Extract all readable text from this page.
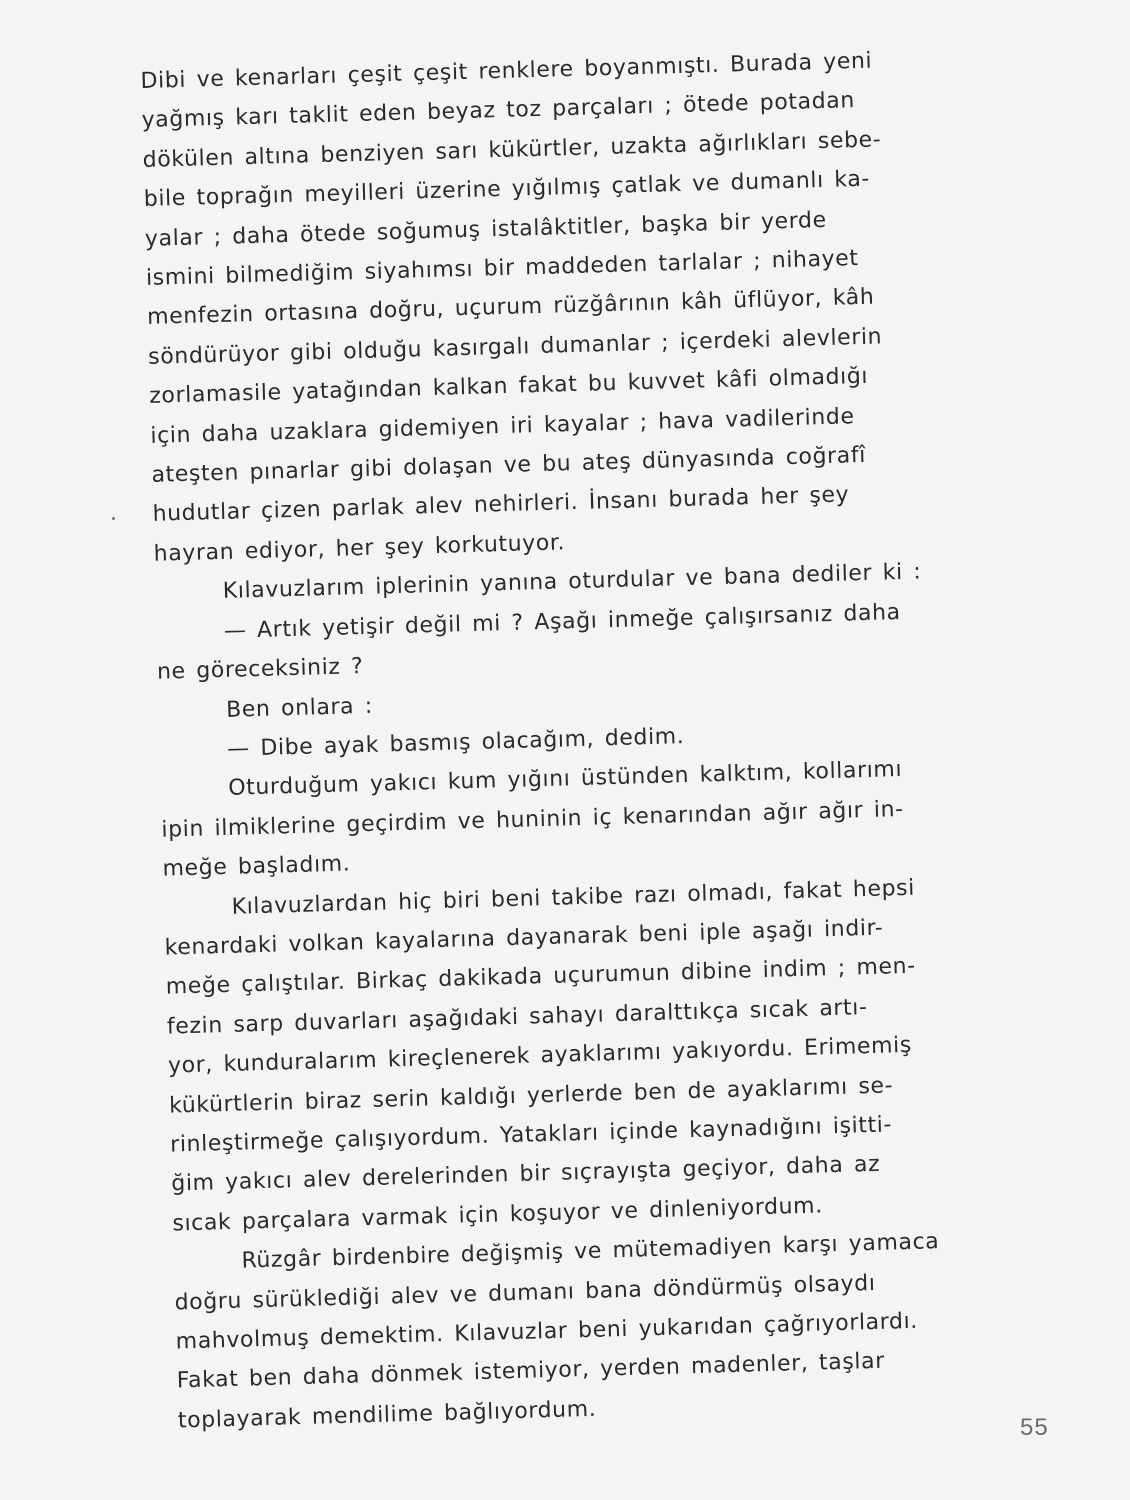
Dibi ve kenarları çeşit çeşit renklere boyanmıştı. Burada yeni
yağmış karı taklit eden beyaz toz parçaları ; ötede potadan
dökülen altına benziyen sarı kükürtler, uzakta ağırlıkları sebe-
bile toprağın meyilleri üzerine yığılmış çatlak ve dumanlı ka-
yalar ; daha ötede soğumuş istalâktitler, başka bir yerde
ismini bilmediğim siyahımsı bir maddeden tarlalar ; nihayet
menfezin ortasına doğru, uçurum rüzğârının kâh üflüyor, kâh
söndürüyor gibi olduğu kasırgalı dumanlar ; içerdeki alevlerin
zorlamasile yatağından kalkan fakat bu kuvvet kâfi olmadığı
için daha uzaklara gidemiyen iri kayalar ; hava vadilerinde
ateşten pınarlar gibi dolaşan ve bu ateş dünyasında coğrafî
hudutlar çizen parlak alev nehirleri. İnsanı burada her şey
hayran ediyor, her şey korkutuyor.
Kılavuzlarım iplerinin yanına oturdular ve bana dediler ki :
— Artık yetişir değil mi ? Aşağı inmeğe çalışırsanız daha
ne göreceksiniz ?
Ben onlara :
— Dibe ayak basmış olacağım, dedim.
Oturduğum yakıcı kum yığını üstünden kalktım, kollarımı
ipin ilmiklerine geçirdim ve huninin iç kenarından ağır ağır in-
meğe başladım.
Kılavuzlardan hiç biri beni takibe razı olmadı, fakat hepsi
kenardaki volkan kayalarına dayanarak beni iple aşağı indir-
meğe çalıştılar. Birkaç dakikada uçurumun dibine indim ; men-
fezin sarp duvarları aşağıdaki sahayı daralttıkça sıcak artı-
yor, kunduralarım kireçlenerek ayaklarımı yakıyordu. Erimemiş
kükürtlerin biraz serin kaldığı yerlerde ben de ayaklarımı se-
rinleştirmeğe çalışıyordum. Yatakları içinde kaynadığını işitti-
ğim yakıcı alev derelerinden bir sıçrayışta geçiyor, daha az
sıcak parçalara varmak için koşuyor ve dinleniyordum.
Rüzgâr birdenbire değişmiş ve mütemadiyen karşı yamaca
doğru sürüklediği alev ve dumanı bana döndürmüş olsaydı
mahvolmuş demektim. Kılavuzlar beni yukarıdan çağrıyorlardı.
Fakat ben daha dönmek istemiyor, yerden madenler, taşlar
toplayarak mendilime bağlıyordum.	55
